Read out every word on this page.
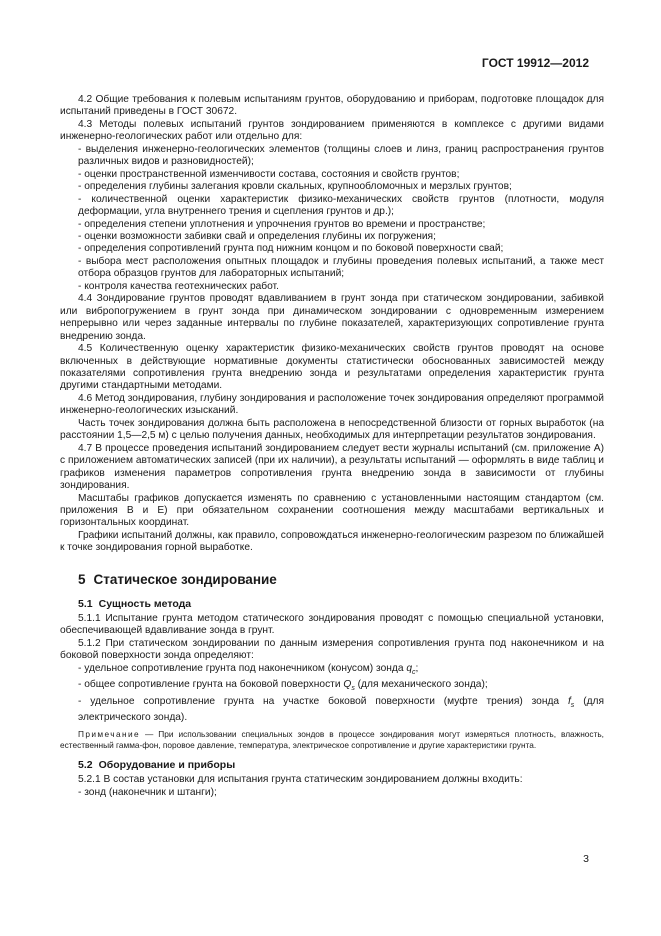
ГОСТ 19912—2012

4.2 Общие требования к полевым испытаниям грунтов, оборудованию и приборам, подготовке площадок для испытаний приведены в ГОСТ 30672.

4.3 Методы полевых испытаний грунтов зондированием применяются в комплексе с другими видами инженерно-геологических работ или отдельно для:

- выделения инженерно-геологических элементов (толщины слоев и линз, границ распространения грунтов различных видов и разновидностей);

- оценки пространственной изменчивости состава, состояния и свойств грунтов;

- определения глубины залегания кровли скальных, крупнообломочных и мерзлых грунтов;

- количественной оценки характеристик физико-механических свойств грунтов (плотности, модуля деформации, угла внутреннего трения и сцепления грунтов и др.);

- определения степени уплотнения и упрочнения грунтов во времени и пространстве;

- оценки возможности забивки свай и определения глубины их погружения;

- определения сопротивлений грунта под нижним концом и по боковой поверхности свай;

- выбора мест расположения опытных площадок и глубины проведения полевых испытаний, а также мест отбора образцов грунтов для лабораторных испытаний;

- контроля качества геотехнических работ.

4.4 Зондирование грунтов проводят вдавливанием в грунт зонда при статическом зондировании, забивкой или вибропогружением в грунт зонда при динамическом зондировании с одновременным измерением непрерывно или через заданные интервалы по глубине показателей, характеризующих сопротивление грунта внедрению зонда.

4.5 Количественную оценку характеристик физико-механических свойств грунтов проводят на основе включенных в действующие нормативные документы статистически обоснованных зависимостей между показателями сопротивления грунта внедрению зонда и результатами определения характеристик грунта другими стандартными методами.

4.6 Метод зондирования, глубину зондирования и расположение точек зондирования определяют программой инженерно-геологических изысканий.

Часть точек зондирования должна быть расположена в непосредственной близости от горных выработок (на расстоянии 1,5—2,5 м) с целью получения данных, необходимых для интерпретации результатов зондирования.

4.7 В процессе проведения испытаний зондированием следует вести журналы испытаний (см. приложение А) с приложением автоматических записей (при их наличии), а результаты испытаний — оформлять в виде таблиц и графиков изменения параметров сопротивления грунта внедрению зонда в зависимости от глубины зондирования.

Масштабы графиков допускается изменять по сравнению с установленными настоящим стандартом (см. приложения В и Е) при обязательном сохранении соотношения между масштабами вертикальных и горизонтальных координат.

Графики испытаний должны, как правило, сопровождаться инженерно-геологическим разрезом по ближайшей к точке зондирования горной выработке.

5 Статическое зондирование
5.1 Сущность метода

5.1.1 Испытание грунта методом статического зондирования проводят с помощью специальной установки, обеспечивающей вдавливание зонда в грунт.

5.1.2 При статическом зондировании по данным измерения сопротивления грунта под наконечником и на боковой поверхности зонда определяют:

- удельное сопротивление грунта под наконечником (конусом) зонда $q_c$;

- общее сопротивление грунта на боковой поверхности $Q_s$ (для механического зонда);

- удельное сопротивление грунта на участке боковой поверхности (муфте трения) зонда $f_s$ (для электрического зонда).

Примечание — При использовании специальных зондов в процессе зондирования могут измеряться плотность, влажность, естественный гамма-фон, поровое давление, температура, электрическое сопротивление и другие характеристики грунта.

5.2 Оборудование и приборы

5.2.1 В состав установки для испытания грунта статическим зондированием должны входить:

- зонд (наконечник и штанги);

3
